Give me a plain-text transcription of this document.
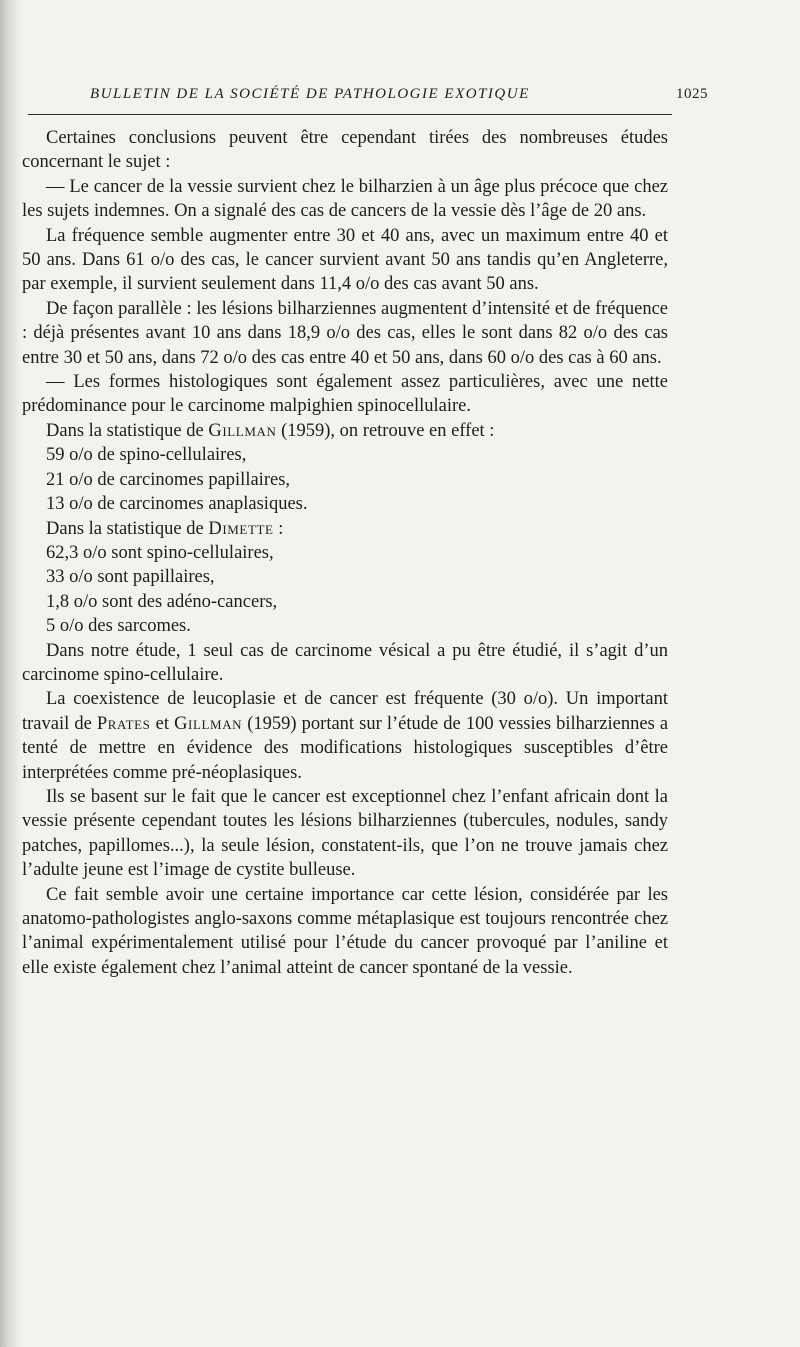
BULLETIN DE LA SOCIÉTÉ DE PATHOLOGIE EXOTIQUE	1025

Certaines conclusions peuvent être cependant tirées des nombreuses études concernant le sujet :

— Le cancer de la vessie survient chez le bilharzien à un âge plus précoce que chez les sujets indemnes. On a signalé des cas de cancers de la vessie dès l’âge de 20 ans.

La fréquence semble augmenter entre 30 et 40 ans, avec un maximum entre 40 et 50 ans. Dans 61 o/o des cas, le cancer survient avant 50 ans tandis qu’en Angleterre, par exemple, il survient seulement dans 11,4 o/o des cas avant 50 ans.

De façon parallèle : les lésions bilharziennes augmentent d’intensité et de fréquence : déjà présentes avant 10 ans dans 18,9 o/o des cas, elles le sont dans 82 o/o des cas entre 30 et 50 ans, dans 72 o/o des cas entre 40 et 50 ans, dans 60 o/o des cas à 60 ans.

— Les formes histologiques sont également assez particulières, avec une nette prédominance pour le carcinome malpighien spinocellulaire.

Dans la statistique de Gillman (1959), on retrouve en effet :

59 o/o de spino-cellulaires,

21 o/o de carcinomes papillaires,

13 o/o de carcinomes anaplasiques.

Dans la statistique de Dimette :

62,3 o/o sont spino-cellulaires,

33 o/o sont papillaires,

1,8 o/o sont des adéno-cancers,

5 o/o des sarcomes.

Dans notre étude, 1 seul cas de carcinome vésical a pu être étudié, il s’agit d’un carcinome spino-cellulaire.

La coexistence de leucoplasie et de cancer est fréquente (30 o/o). Un important travail de Prates et Gillman (1959) portant sur l’étude de 100 vessies bilharziennes a tenté de mettre en évidence des modifications histologiques susceptibles d’être interprétées comme pré-néoplasiques.

Ils se basent sur le fait que le cancer est exceptionnel chez l’enfant africain dont la vessie présente cependant toutes les lésions bilharziennes (tubercules, nodules, sandy patches, papillomes...), la seule lésion, constatent-ils, que l’on ne trouve jamais chez l’adulte jeune est l’image de cystite bulleuse.

Ce fait semble avoir une certaine importance car cette lésion, considérée par les anatomo-pathologistes anglo-saxons comme métaplasique est toujours rencontrée chez l’animal expérimentalement utilisé pour l’étude du cancer provoqué par l’aniline et elle existe également chez l’animal atteint de cancer spontané de la vessie.
